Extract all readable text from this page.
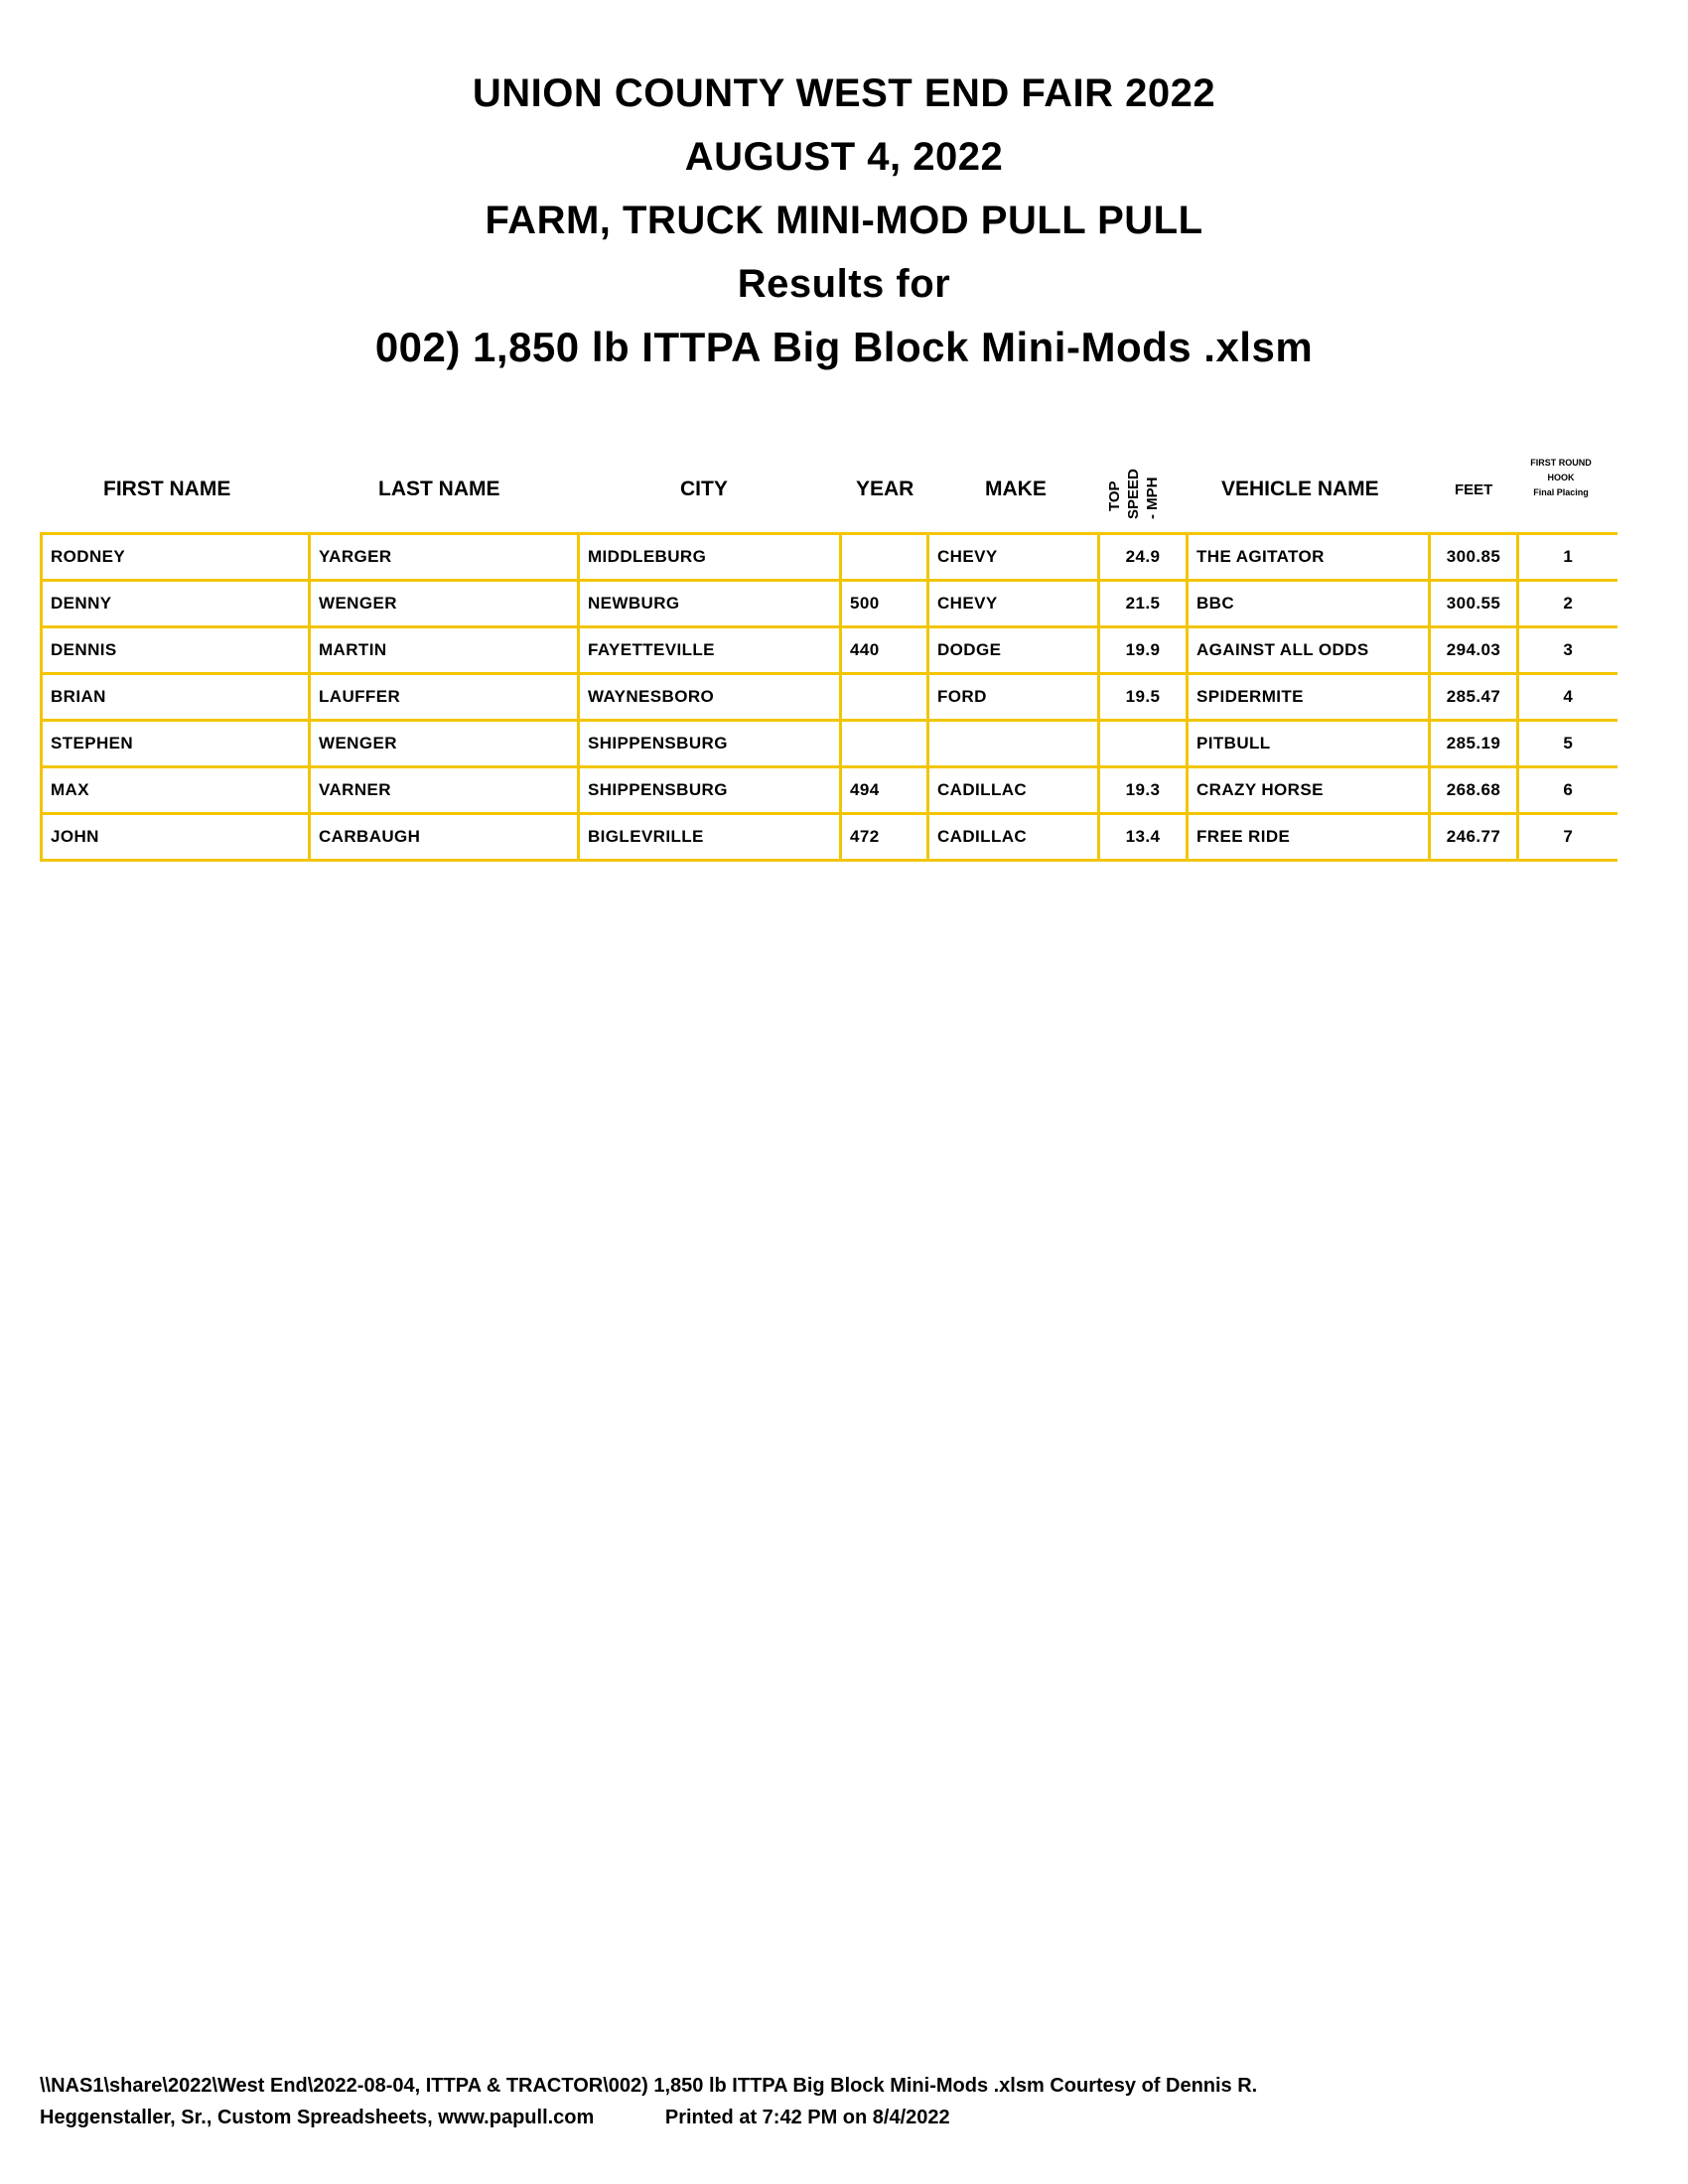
UNION COUNTY WEST END FAIR 2022
AUGUST 4, 2022
FARM, TRUCK MINI-MOD PULL PULL
Results for
002) 1,850 lb ITTPA Big Block Mini-Mods .xlsm
FIRST NAME	LAST NAME	CITY	YEAR	MAKE	TOP SPEED - MPH	VEHICLE NAME	FEET
FIRST ROUND
HOOK
Final Placing
RODNEY	YARGER	MIDDLEBURG		CHEVY	24.9	THE AGITATOR	300.85	1
DENNY	WENGER	NEWBURG	500	CHEVY	21.5	BBC	300.55	2
DENNIS	MARTIN	FAYETTEVILLE	440	DODGE	19.9	AGAINST ALL ODDS	294.03	3
BRIAN	LAUFFER	WAYNESBORO		FORD	19.5	SPIDERMITE	285.47	4
STEPHEN	WENGER	SHIPPENSBURG				PITBULL	285.19	5
MAX	VARNER	SHIPPENSBURG	494	CADILLAC	19.3	CRAZY HORSE	268.68	6
JOHN	CARBAUGH	BIGLEVRILLE	472	CADILLAC	13.4	FREE RIDE	246.77	7
\\NAS1\share\2022\West End\2022-08-04, ITTPA & TRACTOR\002) 1,850 lb ITTPA Big Block Mini-Mods .xlsm Courtesy of Dennis R.
Heggenstaller, Sr., Custom Spreadsheets, www.papull.com	Printed at 7:42 PM on 8/4/2022
